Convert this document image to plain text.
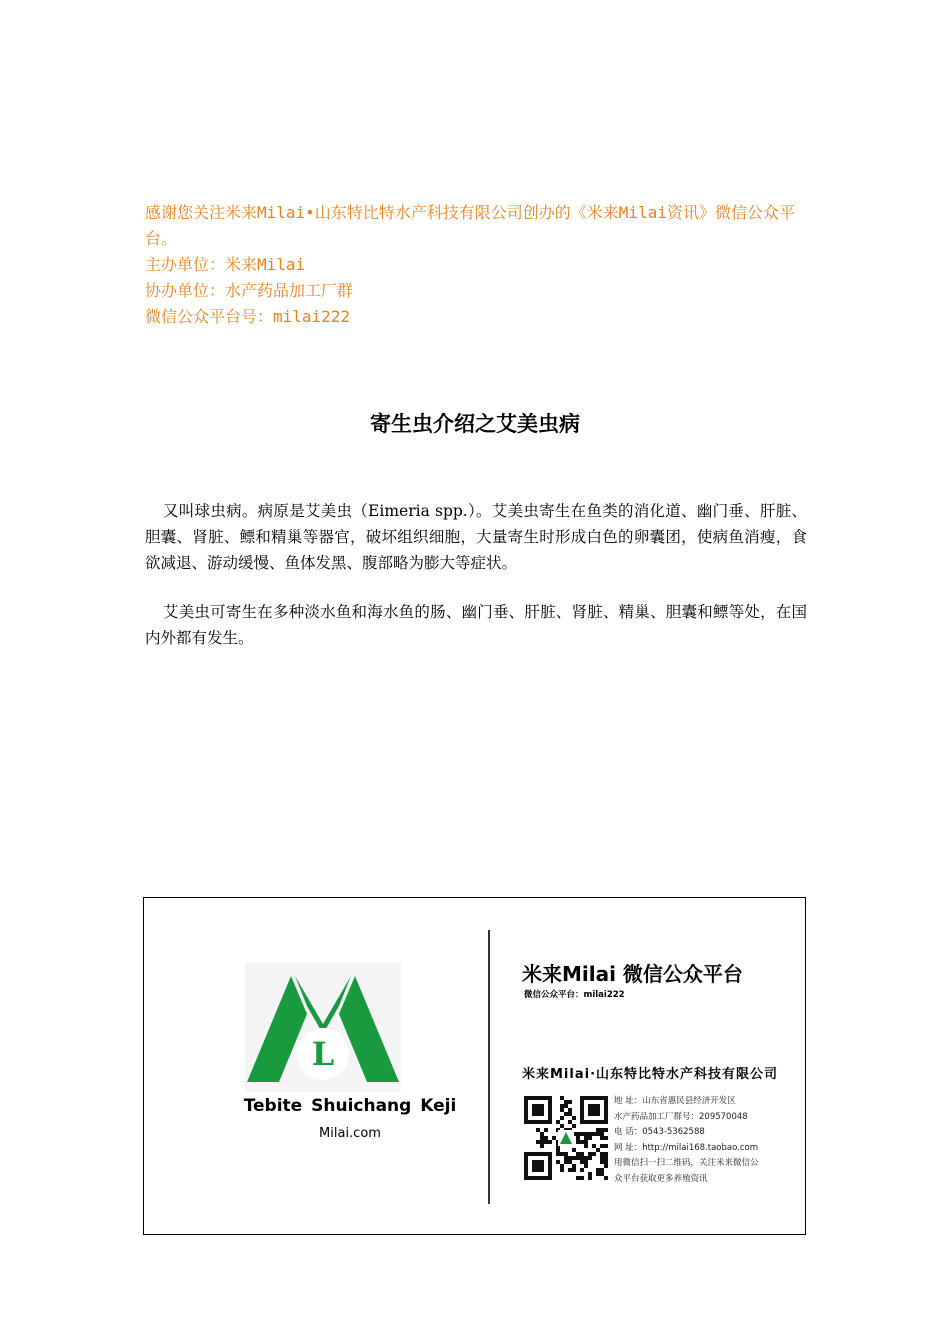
感谢您关注米来Milai•山东特比特水产科技有限公司创办的《米来Milai资讯》微信公众平台。

主办单位：米来Milai

协办单位：水产药品加工厂群

微信公众平台号：milai222

寄生虫介绍之艾美虫病

又叫球虫病。病原是艾美虫（Eimeria spp.）。艾美虫寄生在鱼类的消化道、幽门垂、肝脏、胆囊、肾脏、鳔和精巢等器官，破坏组织细胞，大量寄生时形成白色的卵囊团，使病鱼消瘦，食欲减退、游动缓慢、鱼体发黑、腹部略为膨大等症状。

艾美虫可寄生在多种淡水鱼和海水鱼的肠、幽门垂、肝脏、肾脏、精巢、胆囊和鳔等处，在国内外都有发生。

L
Tebite Shuichang Keji
Milai.com
米来Milai 微信公众平台
微信公众平台：milai222
米来Milai·山东特比特水产科技有限公司
地 址：山东省惠民县经济开发区
水产药品加工厂群号：209570048
电 话：0543-5362588
网 址：http://milai168.taobao.com
用微信扫一扫二维码，关注米来微信公
众平台获取更多养殖资讯
